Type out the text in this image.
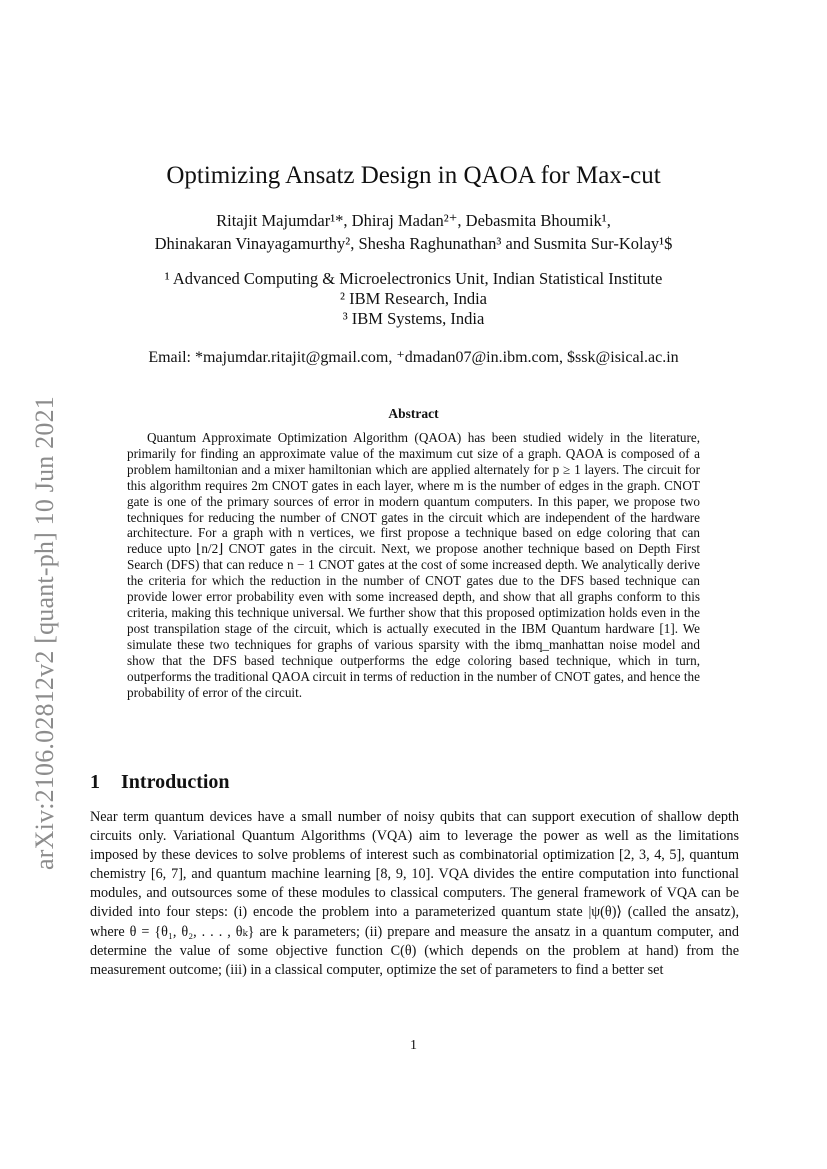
arXiv:2106.02812v2 [quant-ph] 10 Jun 2021
Optimizing Ansatz Design in QAOA for Max-cut
Ritajit Majumdar¹*, Dhiraj Madan²⁺, Debasmita Bhoumik¹,
Dhinakaran Vinayagamurthy², Shesha Raghunathan³ and Susmita Sur-Kolay¹$
¹ Advanced Computing & Microelectronics Unit, Indian Statistical Institute
² IBM Research, India
³ IBM Systems, India
Email: *majumdar.ritajit@gmail.com, ⁺dmadan07@in.ibm.com, $ssk@isical.ac.in
Abstract
Quantum Approximate Optimization Algorithm (QAOA) has been studied widely in the literature, primarily for finding an approximate value of the maximum cut size of a graph. QAOA is composed of a problem hamiltonian and a mixer hamiltonian which are applied alternately for p ≥ 1 layers. The circuit for this algorithm requires 2m CNOT gates in each layer, where m is the number of edges in the graph. CNOT gate is one of the primary sources of error in modern quantum computers. In this paper, we propose two techniques for reducing the number of CNOT gates in the circuit which are independent of the hardware architecture. For a graph with n vertices, we first propose a technique based on edge coloring that can reduce upto ⌊n/2⌋ CNOT gates in the circuit. Next, we propose another technique based on Depth First Search (DFS) that can reduce n − 1 CNOT gates at the cost of some increased depth. We analytically derive the criteria for which the reduction in the number of CNOT gates due to the DFS based technique can provide lower error probability even with some increased depth, and show that all graphs conform to this criteria, making this technique universal. We further show that this proposed optimization holds even in the post transpilation stage of the circuit, which is actually executed in the IBM Quantum hardware [1]. We simulate these two techniques for graphs of various sparsity with the ibmq_manhattan noise model and show that the DFS based technique outperforms the edge coloring based technique, which in turn, outperforms the traditional QAOA circuit in terms of reduction in the number of CNOT gates, and hence the probability of error of the circuit.
1 Introduction
Near term quantum devices have a small number of noisy qubits that can support execution of shallow depth circuits only. Variational Quantum Algorithms (VQA) aim to leverage the power as well as the limitations imposed by these devices to solve problems of interest such as combinatorial optimization [2, 3, 4, 5], quantum chemistry [6, 7], and quantum machine learning [8, 9, 10]. VQA divides the entire computation into functional modules, and outsources some of these modules to classical computers. The general framework of VQA can be divided into four steps: (i) encode the problem into a parameterized quantum state |ψ(θ)⟩ (called the ansatz), where θ = {θ₁, θ₂, . . . , θₖ} are k parameters; (ii) prepare and measure the ansatz in a quantum computer, and determine the value of some objective function C(θ) (which depends on the problem at hand) from the measurement outcome; (iii) in a classical computer, optimize the set of parameters to find a better set
1
